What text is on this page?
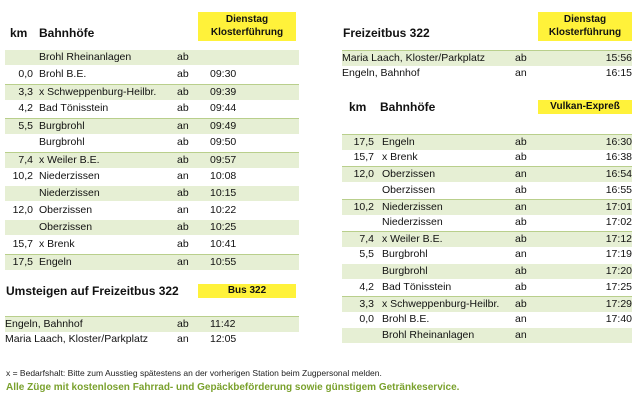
km Bahnhöfe
Dienstag Klosterführung
Brohl Rheinanlagen	ab
0,0 Brohl B.E.	ab 09:30
3,3 x Schweppenburg-Heilbr. ab 09:39
4,2 Bad Tönisstein	ab 09:44
5,5 Burgbrohl	an 09:49
Burgbrohl	ab 09:50
7,4 x Weiler B.E.	ab 09:57
10,2 Niederzissen	an 10:08
Niederzissen	ab 10:15
12,0 Oberzissen	an 10:22
Oberzissen	ab 10:25
15,7 x Brenk	ab 10:41
17,5 Engeln	an 10:55
Umsteigen auf Freizeitbus 322	Bus 322
Engeln, Bahnhof	ab 11:42
Maria Laach, Kloster/Parkplatz	an 12:05
Freizeitbus 322
Dienstag Klosterführung
Maria Laach, Kloster/Parkplatz	ab	15:56
Engeln, Bahnhof	an	16:15
km Bahnhöfe	Vulkan-Expreß
17,5 Engeln	ab	16:30
15,7 x Brenk	ab	16:38
12,0 Oberzissen	an	16:54
Oberzissen	ab	16:55
10,2 Niederzissen	an	17:01
Niederzissen	ab	17:02
7,4 x Weiler B.E.	ab	17:12
5,5 Burgbrohl	an	17:19
Burgbrohl	ab	17:20
4,2 Bad Tönisstein	ab	17:25
3,3 x Schweppenburg-Heilbr. ab	17:29
0,0 Brohl B.E.	an	17:40
Brohl Rheinanlagen	an
x = Bedarfshalt: Bitte zum Ausstieg spätestens an der vorherigen Station beim Zugpersonal melden.
Alle Züge mit kostenlosen Fahrrad- und Gepäckbeförderung sowie günstigem Getränkeservice.
